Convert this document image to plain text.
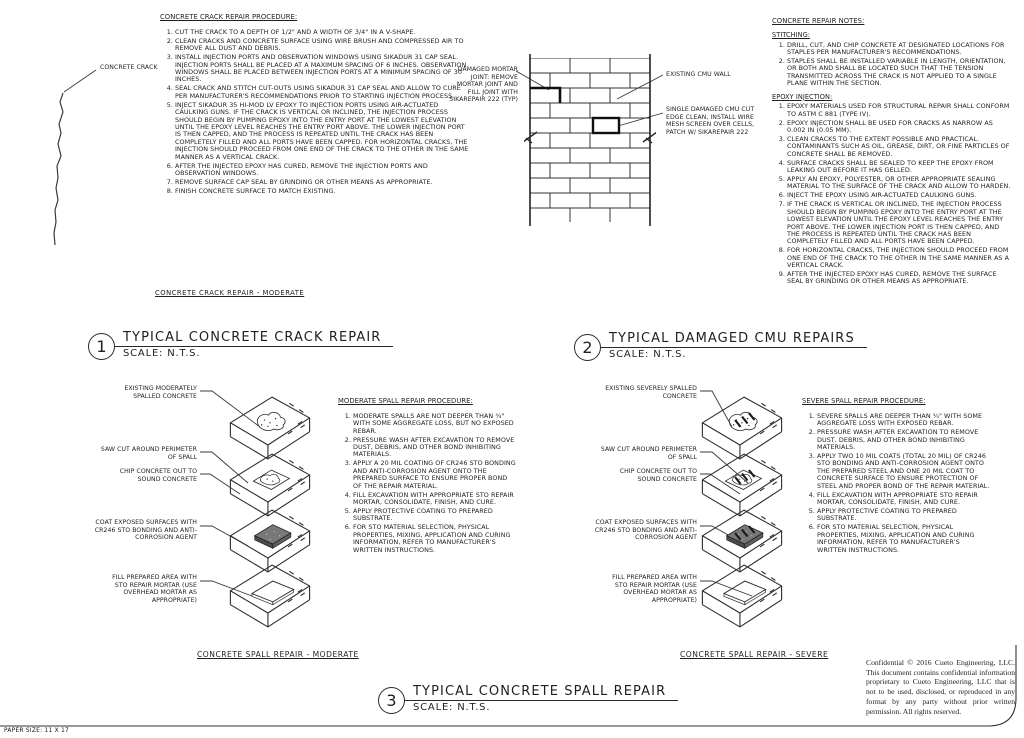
CONCRETE CRACK REPAIR PROCEDURE:
1. CUT THE CRACK TO A DEPTH OF 1/2" AND A WIDTH OF 3/4" IN A V-SHAPE.
2. CLEAN CRACKS AND CONCRETE SURFACE USING WIRE BRUSH AND COMPRESSED AIR TO REMOVE ALL DUST AND DEBRIS.
3. INSTALL INJECTION PORTS AND OBSERVATION WINDOWS USING SIKADUR 31 CAP SEAL. INJECTION PORTS SHALL BE PLACED AT A MAXIMUM SPACING OF 6 INCHES. OBSERVATION WINDOWS SHALL BE PLACED BETWEEN INJECTION PORTS AT A MINIMUM SPACING OF 30 INCHES.
4. SEAL CRACK AND STITCH CUT-OUTS USING SIKADUR 31 CAP SEAL AND ALLOW TO CURE PER MANUFACTURER'S RECOMMENDATIONS PRIOR TO STARTING INJECTION PROCESS.
5. INJECT SIKADUR 35 HI-MOD LV EPOXY TO INJECTION PORTS USING AIR-ACTUATED CAULKING GUNS. IF THE CRACK IS VERTICAL OR INCLINED, THE INJECTION PROCESS SHOULD BEGIN BY PUMPING EPOXY INTO THE ENTRY PORT AT THE LOWEST ELEVATION UNTIL THE EPOXY LEVEL REACHES THE ENTRY PORT ABOVE. THE LOWER INJECTION PORT IS THEN CAPPED, AND THE PROCESS IS REPEATED UNTIL THE CRACK HAS BEEN COMPLETELY FILLED AND ALL PORTS HAVE BEEN CAPPED. FOR HORIZONTAL CRACKS, THE INJECTION SHOULD PROCEED FROM ONE END OF THE CRACK TO THE OTHER IN THE SAME MANNER AS A VERTICAL CRACK.
6. AFTER THE INJECTED EPOXY HAS CURED, REMOVE THE INJECTION PORTS AND OBSERVATION WINDOWS.
7. REMOVE SURFACE CAP SEAL BY GRINDING OR OTHER MEANS AS APPROPRIATE.
8. FINISH CONCRETE SURFACE TO MATCH EXISTING.
CONCRETE CRACK
CONCRETE CRACK REPAIR - MODERATE
CONCRETE REPAIR NOTES:
STITCHING:
1. DRILL, CUT, AND CHIP CONCRETE AT DESIGNATED LOCATIONS FOR STAPLES PER MANUFACTURER'S RECOMMENDATIONS.
2. STAPLES SHALL BE INSTALLED VARIABLE IN LENGTH, ORIENTATION, OR BOTH AND SHALL BE LOCATED SUCH THAT THE TENSION TRANSMITTED ACROSS THE CRACK IS NOT APPLIED TO A SINGLE PLANE WITHIN THE SECTION.
EPOXY INJECTION:
1. EPOXY MATERIALS USED FOR STRUCTURAL REPAIR SHALL CONFORM TO ASTM C 881 (TYPE IV).
2. EPOXY INJECTION SHALL BE USED FOR CRACKS AS NARROW AS 0.002 IN (0.05 MM).
3. CLEAN CRACKS TO THE EXTENT POSSIBLE AND PRACTICAL. CONTAMINANTS SUCH AS OIL, GREASE, DIRT, OR FINE PARTICLES OF CONCRETE SHALL BE REMOVED.
4. SURFACE CRACKS SHALL BE SEALED TO KEEP THE EPOXY FROM LEAKING OUT BEFORE IT HAS GELLED.
5. APPLY AN EPOXY, POLYESTER, OR OTHER APPROPRIATE SEALING MATERIAL TO THE SURFACE OF THE CRACK AND ALLOW TO HARDEN.
6. INJECT THE EPOXY USING AIR-ACTUATED CAULKING GUNS.
7. IF THE CRACK IS VERTICAL OR INCLINED, THE INJECTION PROCESS SHOULD BEGIN BY PUMPING EPOXY INTO THE ENTRY PORT AT THE LOWEST ELEVATION UNTIL THE EPOXY LEVEL REACHES THE ENTRY PORT ABOVE. THE LOWER INJECTION PORT IS THEN CAPPED, AND THE PROCESS IS REPEATED UNTIL THE CRACK HAS BEEN COMPLETELY FILLED AND ALL PORTS HAVE BEEN CAPPED.
8. FOR HORIZONTAL CRACKS, THE INJECTION SHOULD PROCEED FROM ONE END OF THE CRACK TO THE OTHER IN THE SAME MANNER AS A VERTICAL CRACK.
9. AFTER THE INJECTED EPOXY HAS CURED, REMOVE THE SURFACE SEAL BY GRINDING OR OTHER MEANS AS APPROPRIATE.
DAMAGED MORTAR JOINT: REMOVE MORTAR JOINT AND FILL JOINT WITH SIKAREPAIR 222 (TYP)
EXISTING CMU WALL
SINGLE DAMAGED CMU CUT EDGE CLEAN, INSTALL WIRE MESH SCREEN OVER CELLS, PATCH W/ SIKAREPAIR 222
1	TYPICAL CONCRETE CRACK REPAIR
SCALE: N.T.S.	2	TYPICAL DAMAGED CMU REPAIRS
SCALE: N.T.S.
EXISTING MODERATELY SPALLED CONCRETE
SAW CUT AROUND PERIMETER OF SPALL
CHIP CONCRETE OUT TO SOUND CONCRETE
COAT EXPOSED SURFACES WITH CR246 STO BONDING AND ANTI-CORROSION AGENT
FILL PREPARED AREA WITH STO REPAIR MORTAR (USE OVERHEAD MORTAR AS APPROPRIATE)
MODERATE SPALL REPAIR PROCEDURE:
1. MODERATE SPALLS ARE NOT DEEPER THAN ¾" WITH SOME AGGREGATE LOSS, BUT NO EXPOSED REBAR.
2. PRESSURE WASH AFTER EXCAVATION TO REMOVE DUST, DEBRIS, AND OTHER BOND INHIBITING MATERIALS.
3. APPLY A 20 MIL COATING OF CR246 STO BONDING AND ANTI-CORROSION AGENT ONTO THE PREPARED SURFACE TO ENSURE PROPER BOND OF THE REPAIR MATERIAL.
4. FILL EXCAVATION WITH APPROPRIATE STO REPAIR MORTAR, CONSOLIDATE, FINISH, AND CURE.
5. APPLY PROTECTIVE COATING TO PREPARED SUBSTRATE.
6. FOR STO MATERIAL SELECTION, PHYSICAL PROPERTIES, MIXING, APPLICATION AND CURING INFORMATION, REFER TO MANUFACTURER'S WRITTEN INSTRUCTIONS.
EXISTING SEVERELY SPALLED CONCRETE
SAW CUT AROUND PERIMETER OF SPALL
CHIP CONCRETE OUT TO SOUND CONCRETE
COAT EXPOSED SURFACES WITH CR246 STO BONDING AND ANTI-CORROSION AGENT
FILL PREPARED AREA WITH STO REPAIR MORTAR (USE OVERHEAD MORTAR AS APPROPRIATE)
SEVERE SPALL REPAIR PROCEDURE:
1. SEVERE SPALLS ARE DEEPER THAN ¾" WITH SOME AGGREGATE LOSS WITH EXPOSED REBAR.
2. PRESSURE WASH AFTER EXCAVATION TO REMOVE DUST, DEBRIS, AND OTHER BOND INHIBITING MATERIALS.
3. APPLY TWO 10 MIL COATS (TOTAL 20 MIL) OF CR246 STO BONDING AND ANTI-CORROSION AGENT ONTO THE PREPARED STEEL AND ONE 20 MIL COAT TO CONCRETE SURFACE TO ENSURE PROTECTION OF STEEL AND PROPER BOND OF THE REPAIR MATERIAL.
4. FILL EXCAVATION WITH APPROPRIATE STO REPAIR MORTAR, CONSOLIDATE, FINISH, AND CURE.
5. APPLY PROTECTIVE COATING TO PREPARED SUBSTRATE.
6. FOR STO MATERIAL SELECTION, PHYSICAL PROPERTIES, MIXING, APPLICATION AND CURING INFORMATION, REFER TO MANUFACTURER'S WRITTEN INSTRUCTIONS.
CONCRETE SPALL REPAIR - MODERATE	CONCRETE SPALL REPAIR - SEVERE
3	TYPICAL CONCRETE SPALL REPAIR
SCALE: N.T.S.
Confidential © 2016 Cueto Engineering, LLC. This document contains confidential information proprietary to Cueto Engineering, LLC that is not to be used, disclosed, or reproduced in any format by any party without prior written permission. All rights reserved.
PAPER SIZE: 11 X 17
